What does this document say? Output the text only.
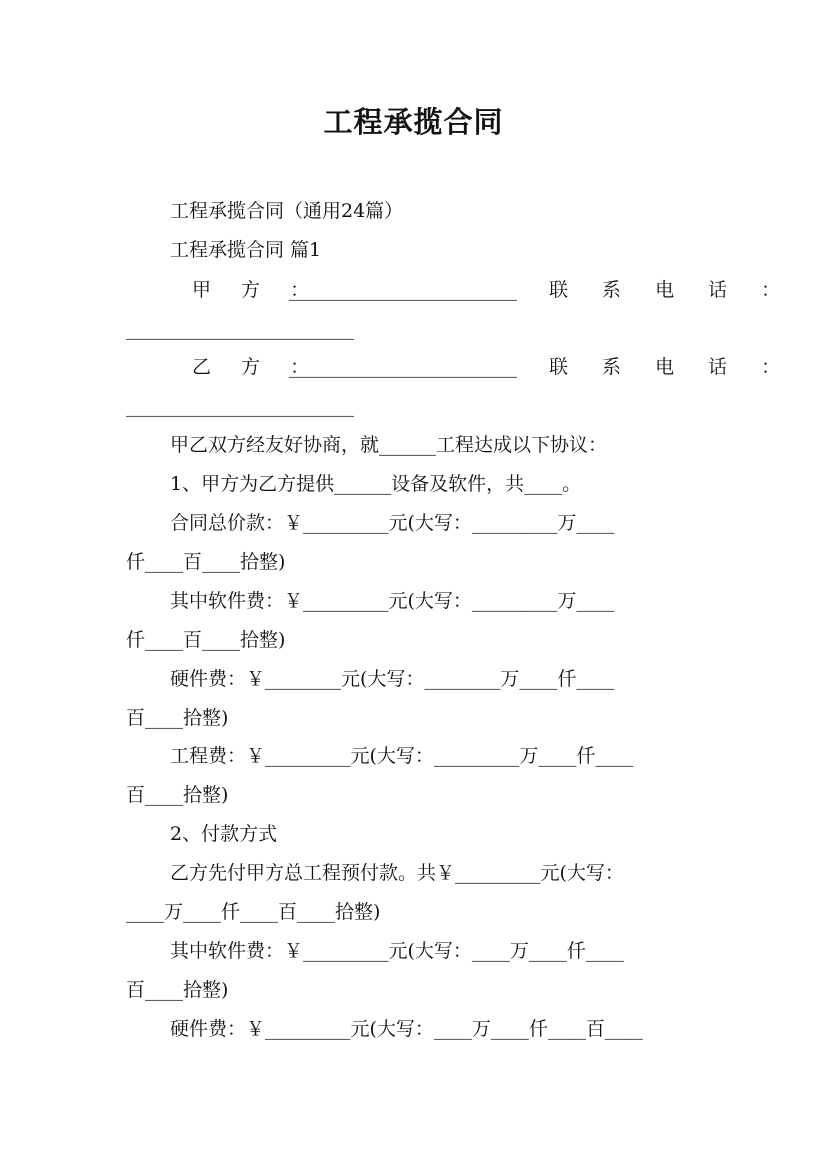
工程承揽合同
工程承揽合同（通用24篇）
工程承揽合同 篇1
甲 方 ：
________________________ 联 系 电 话 ：
________________________
乙 方 ：
________________________ 联 系 电 话 ：
________________________
甲乙双方经友好协商，就______工程达成以下协议：
1、甲方为乙方提供______设备及软件，共____。
合同总价款：￥_________元(大写：_________万____
仟____百____拾整)
其中软件费：￥_________元(大写：_________万____
仟____百____拾整)
硬件费：￥________元(大写：________万____仟____
百____拾整)
工程费：￥_________元(大写：_________万____仟____
百____拾整)
2、付款方式
乙方先付甲方总工程预付款。共￥_________元(大写：
____万____仟____百____拾整)
其中软件费：￥_________元(大写：____万____仟____
百____拾整)
硬件费：￥_________元(大写：____万____仟____百____
